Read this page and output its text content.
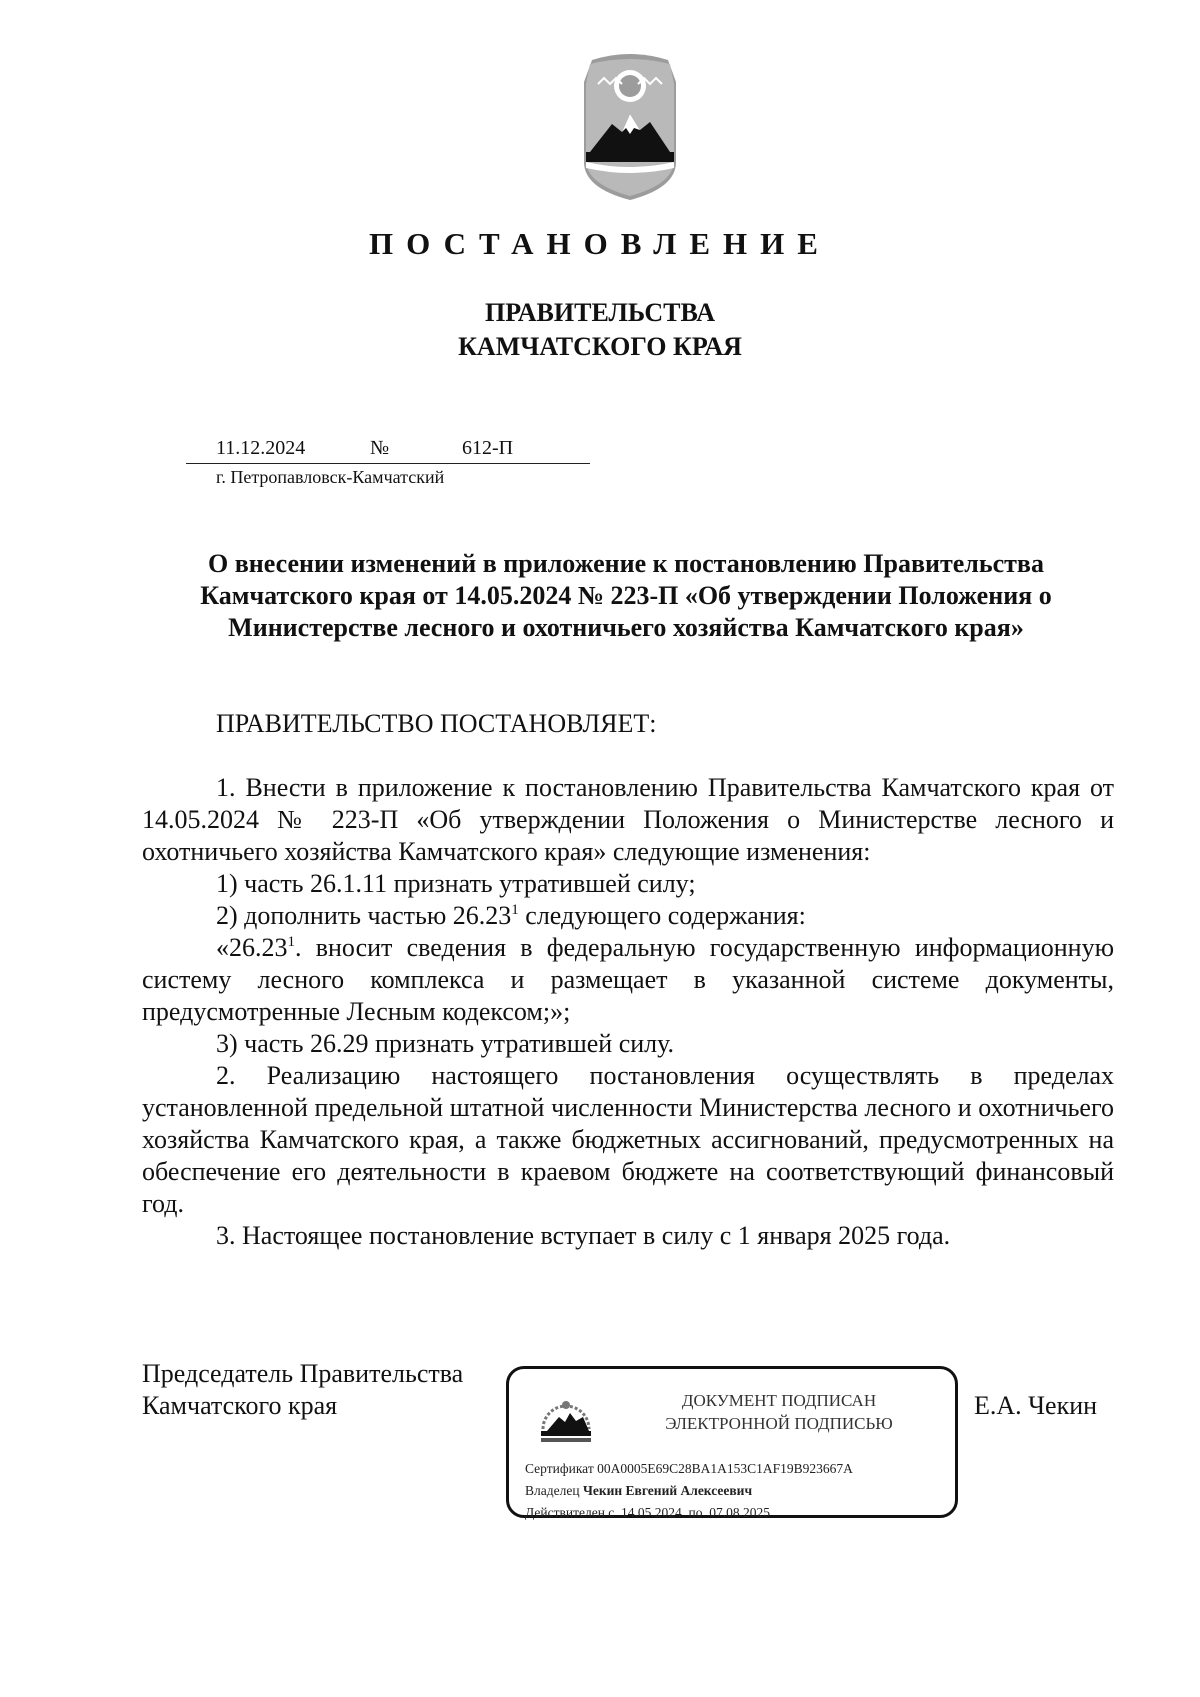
ПОСТАНОВЛЕНИЕ
ПРАВИТЕЛЬСТВА
КАМЧАТСКОГО КРАЯ
11.12.2024	№	612-П
г. Петропавловск-Камчатский
О внесении изменений в приложение к постановлению Правительства
Камчатского края от 14.05.2024 № 223-П «Об утверждении Положения о
Министерстве лесного и охотничьего хозяйства Камчатского края»
ПРАВИТЕЛЬСТВО ПОСТАНОВЛЯЕТ:

1. Внести в приложение к постановлению Правительства Камчатского края от 14.05.2024 № 223-П «Об утверждении Положения о Министерстве лесного и охотничьего хозяйства Камчатского края» следующие изменения:

1) часть 26.1.11 признать утратившей силу;

2) дополнить частью 26.23$^1$ следующего содержания:

«26.23$^1$. вносит сведения в федеральную государственную информационную систему лесного комплекса и размещает в указанной системе документы, предусмотренные Лесным кодексом;»;

3) часть 26.29 признать утратившей силу.

2. Реализацию настоящего постановления осуществлять в пределах установленной предельной штатной численности Министерства лесного и охотничьего хозяйства Камчатского края, а также бюджетных ассигнований, предусмотренных на обеспечение его деятельности в краевом бюджете на соответствующий финансовый год.

3. Настоящее постановление вступает в силу с 1 января 2025 года.

Председатель Правительства
Камчатского края	ДОКУМЕНТ ПОДПИСАН
ЭЛЕКТРОННОЙ ПОДПИСЬЮ
Сертификат 00A0005E69C28BA1A153C1AF19B923667A
Владелец Чекин Евгений Алексеевич
Действителен с 14.05.2024 по 07.08.2025
Е.А. Чекин
